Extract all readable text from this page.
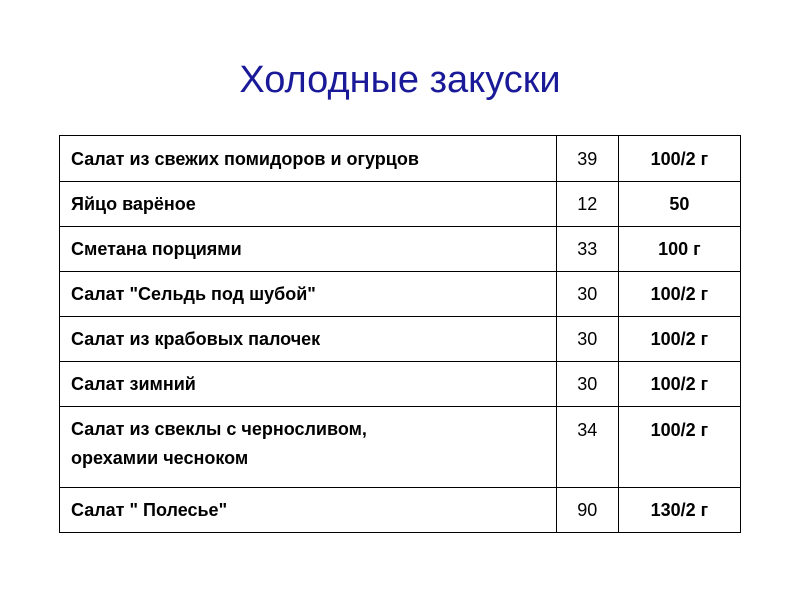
Холодные закуски
Салат из свежих помидоров и огурцов	39	100/2 г
Яйцо варёное	12	50
Сметана порциями	33	100 г
Салат "Сельдь под шубой"	30	100/2 г
Салат из крабовых палочек	30	100/2 г
Салат зимний	30	100/2 г

Салат из свеклы с черносливом,
орехамии чесноком	34	100/2 г
Салат " Полесье"	90	130/2 г
